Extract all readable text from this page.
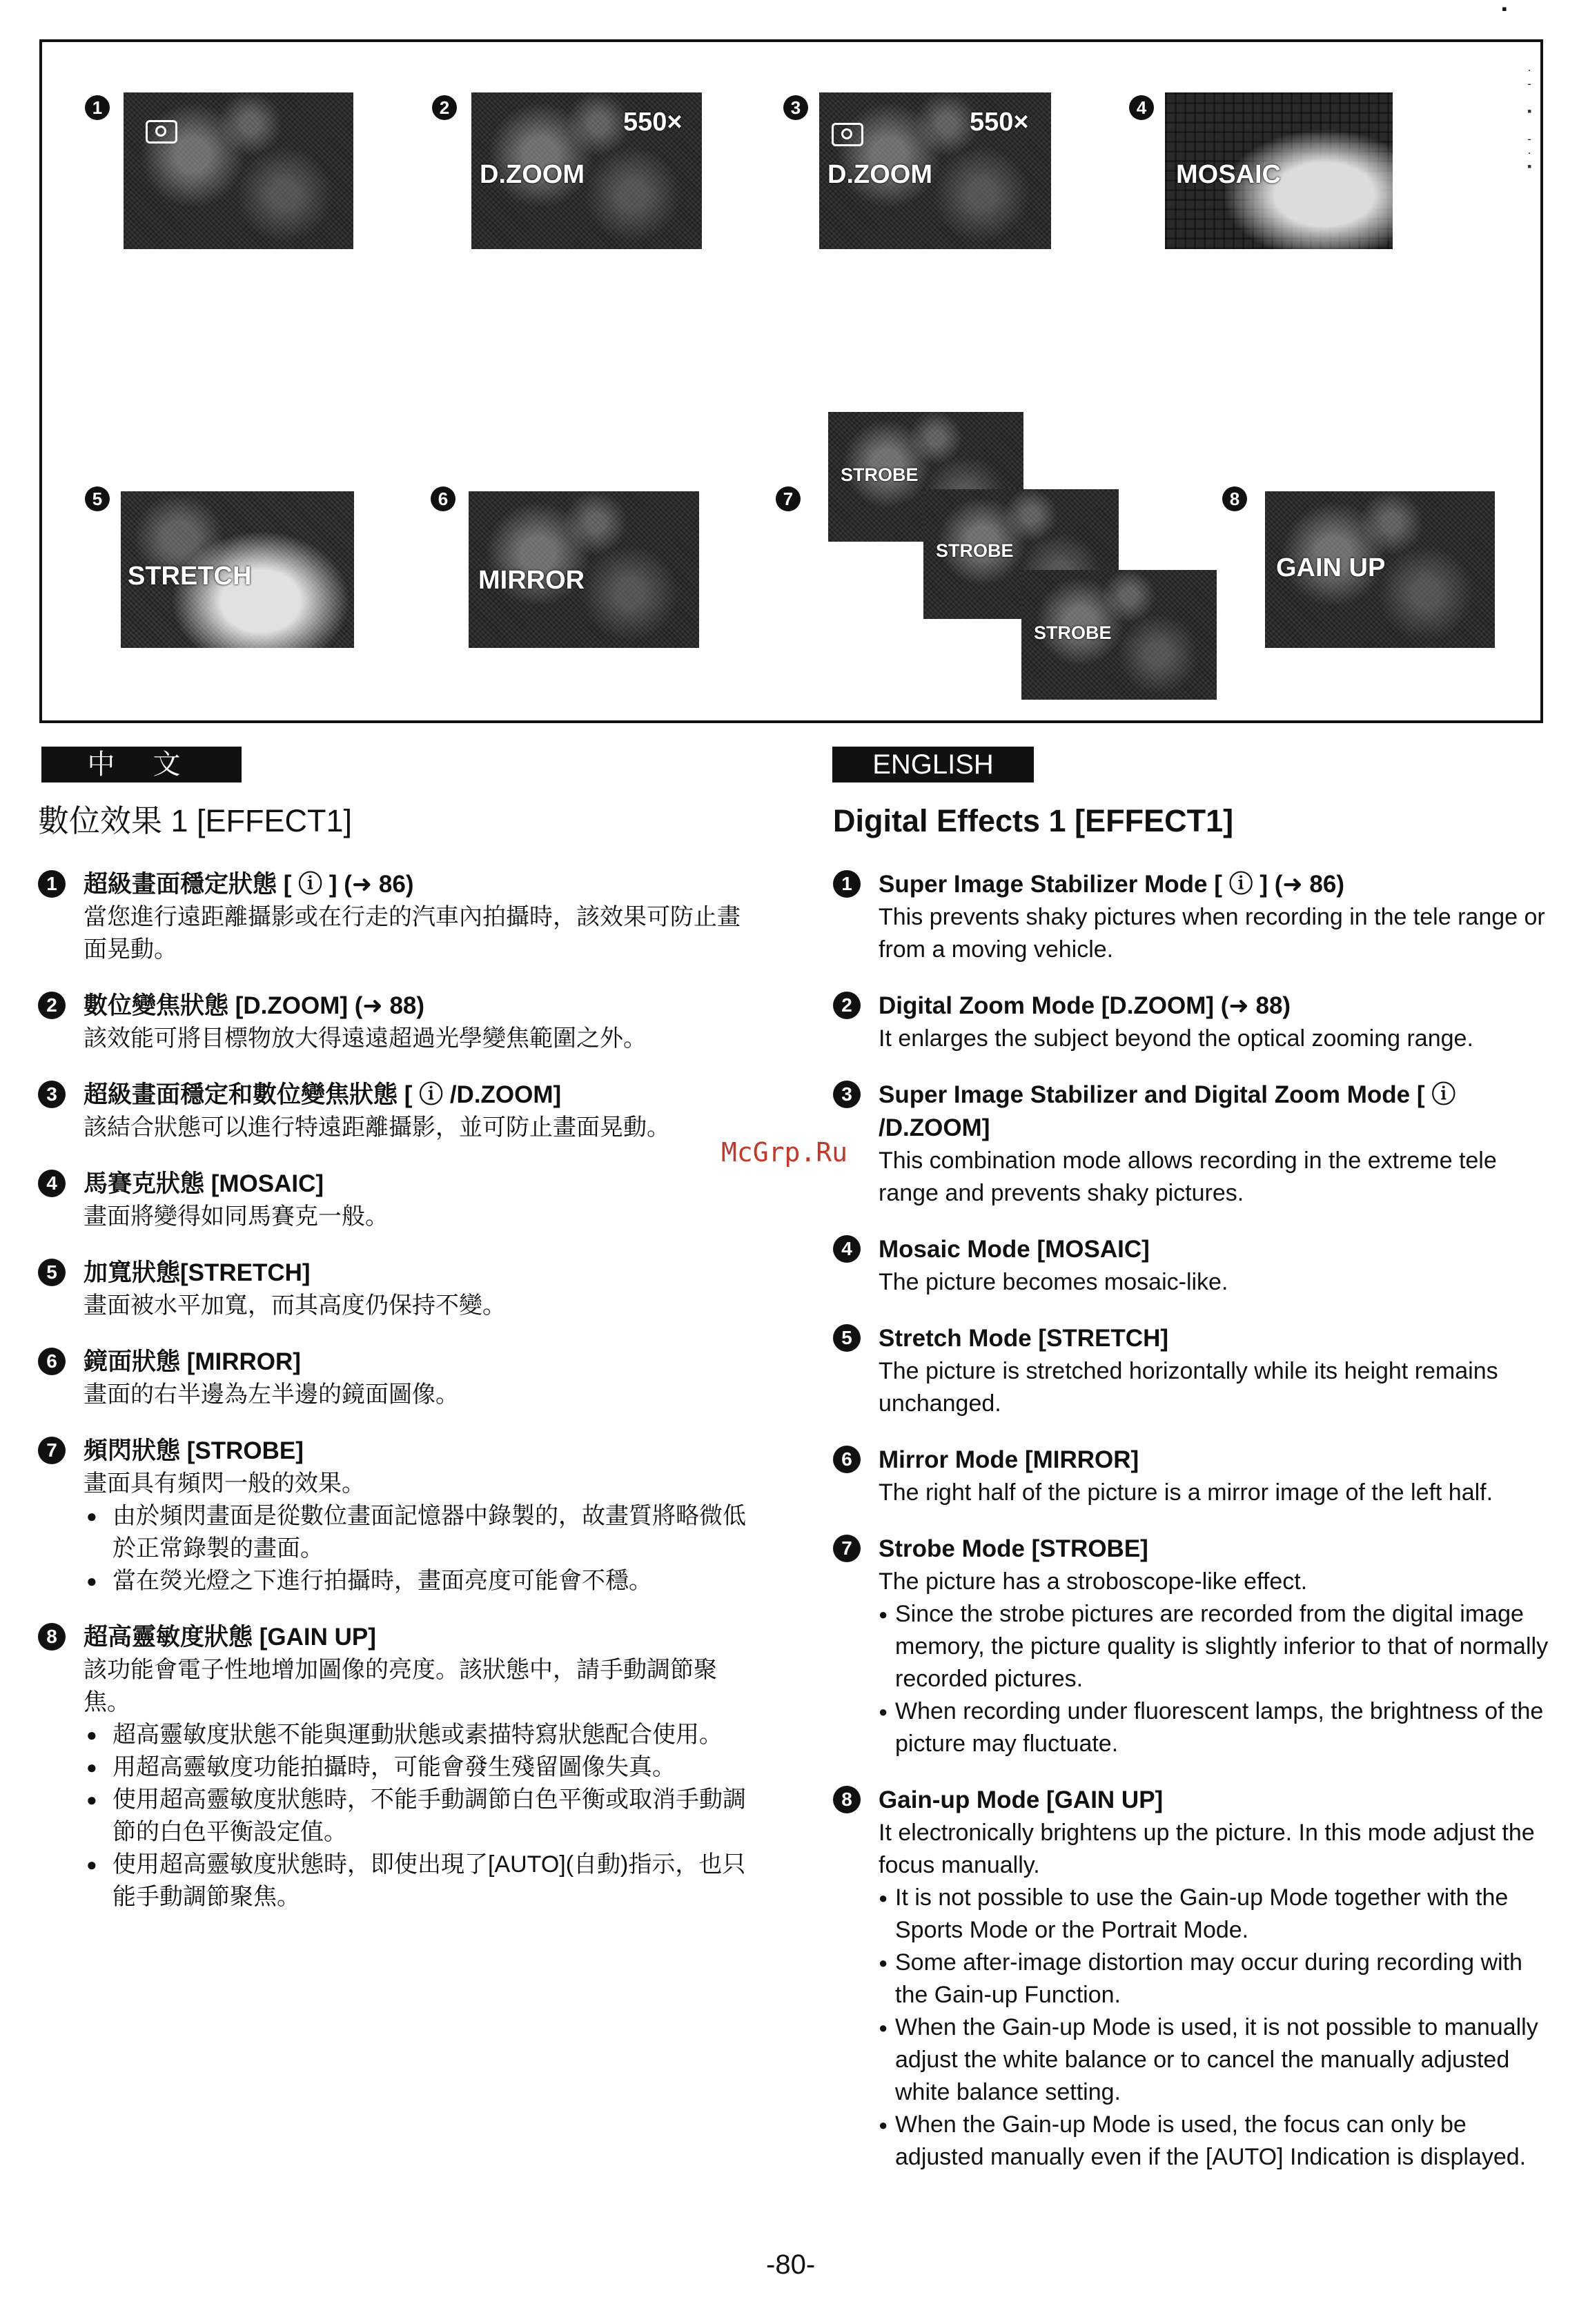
1	2	550×
D.ZOOM
3	550×
D.ZOOM
4
MOSAIC
·
-

▪

-
·
▪
5
STRETCH
6
MIRROR
7
STROBE
STROBE
STROBE
8
GAIN UP
中 文	ENGLISH
數位效果 1 [EFFECT1]
1	超級畫面穩定狀態 [ ⓘ ] (➜ 86)
當您進行遠距離攝影或在行走的汽車內拍攝時，該效果可防止畫面晃動。
2	數位變焦狀態 [D.ZOOM] (➜ 88)
該效能可將目標物放大得遠遠超過光學變焦範圍之外。
3	超級畫面穩定和數位變焦狀態 [ ⓘ /D.ZOOM]
該結合狀態可以進行特遠距離攝影，並可防止畫面晃動。
4	馬賽克狀態 [MOSAIC]
畫面將變得如同馬賽克一般。
5	加寬狀態[STRETCH]
畫面被水平加寬，而其高度仍保持不變。
6	鏡面狀態 [MIRROR]
畫面的右半邊為左半邊的鏡面圖像。
7	頻閃狀態 [STROBE]
畫面具有頻閃一般的效果。
● 由於頻閃畫面是從數位畫面記憶器中錄製的，故畫質將略微低於正常錄製的畫面。
● 當在熒光燈之下進行拍攝時，畫面亮度可能會不穩。
8	超高靈敏度狀態 [GAIN UP]
該功能會電子性地增加圖像的亮度。該狀態中，請手動調節聚焦。
● 超高靈敏度狀態不能與運動狀態或素描特寫狀態配合使用。
● 用超高靈敏度功能拍攝時，可能會發生殘留圖像失真。
● 使用超高靈敏度狀態時，不能手動調節白色平衡或取消手動調節的白色平衡設定值。
● 使用超高靈敏度狀態時，即使出現了[AUTO](自動)指示，也只能手動調節聚焦。
McGrp.Ru
Digital Effects 1 [EFFECT1]
1	Super Image Stabilizer Mode [ ⓘ ] (➜ 86)
This prevents shaky pictures when recording in the tele range or from a moving vehicle.
2	Digital Zoom Mode [D.ZOOM] (➜ 88)
It enlarges the subject beyond the optical zooming range.
3	Super Image Stabilizer and Digital Zoom Mode [ ⓘ /D.ZOOM]
This combination mode allows recording in the extreme tele range and prevents shaky pictures.
4	Mosaic Mode [MOSAIC]
The picture becomes mosaic-like.
5	Stretch Mode [STRETCH]
The picture is stretched horizontally while its height remains unchanged.
6	Mirror Mode [MIRROR]
The right half of the picture is a mirror image of the left half.
7	Strobe Mode [STROBE]
The picture has a stroboscope-like effect.
● Since the strobe pictures are recorded from the digital image memory, the picture quality is slightly inferior to that of normally recorded pictures.
● When recording under fluorescent lamps, the brightness of the picture may fluctuate.
8	Gain-up Mode [GAIN UP]
It electronically brightens up the picture. In this mode adjust the focus manually.
● It is not possible to use the Gain-up Mode together with the Sports Mode or the Portrait Mode.
● Some after-image distortion may occur during recording with the Gain-up Function.
● When the Gain-up Mode is used, it is not possible to manually adjust the white balance or to cancel the manually adjusted white balance setting.
● When the Gain-up Mode is used, the focus can only be adjusted manually even if the [AUTO] Indication is displayed.
-80-
▪
